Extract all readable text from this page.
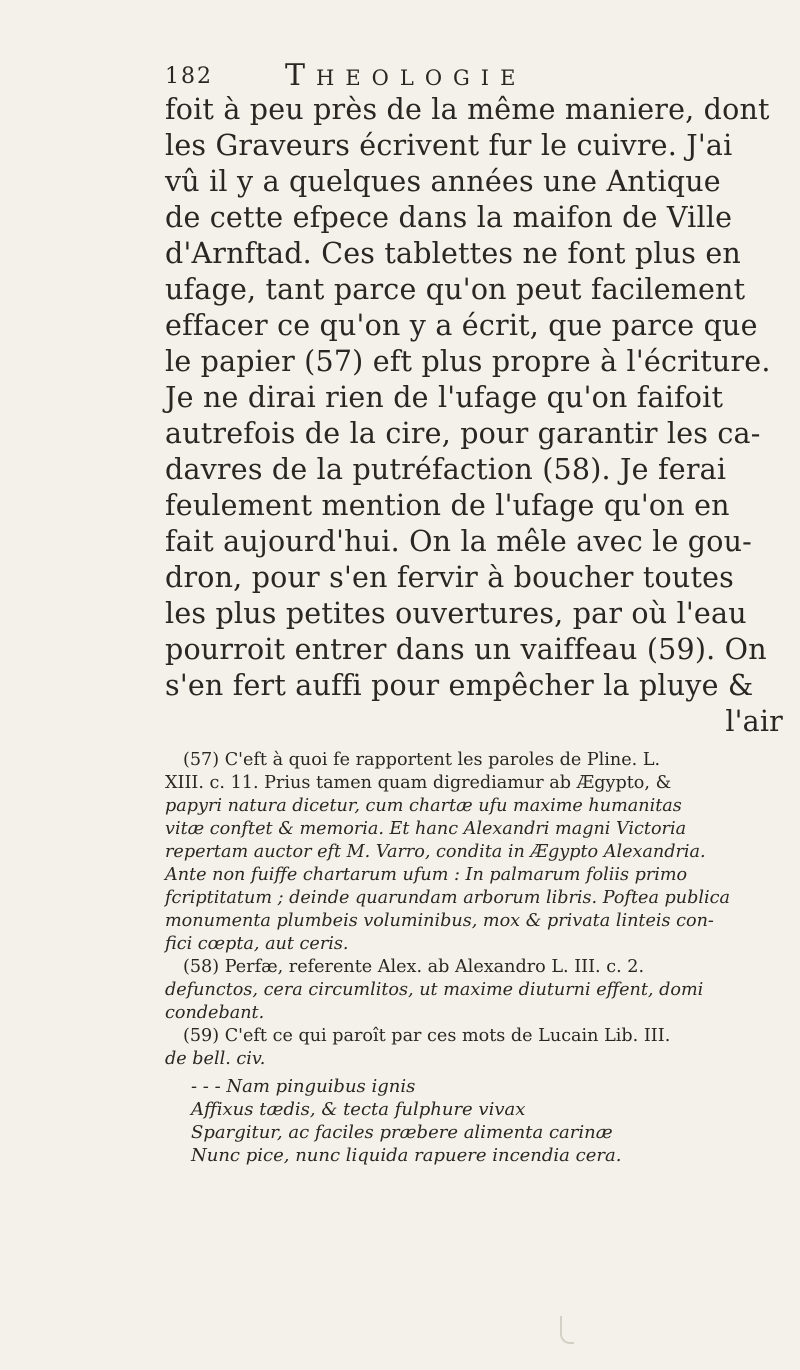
182 Theologie
foit à peu près de la même maniere, dont
les Graveurs écrivent fur le cuivre. J'ai
vû il y a quelques années une Antique
de cette efpece dans la maifon de Ville
d'Arnftad. Ces tablettes ne font plus en
ufage, tant parce qu'on peut facilement
effacer ce qu'on y a écrit, que parce que
le papier (57) eft plus propre à l'écriture.
Je ne dirai rien de l'ufage qu'on faifoit
autrefois de la cire, pour garantir les ca-
davres de la putréfaction (58). Je ferai
feulement mention de l'ufage qu'on en
fait aujourd'hui. On la mêle avec le gou-
dron, pour s'en fervir à boucher toutes
les plus petites ouvertures, par où l'eau
pourroit entrer dans un vaiffeau (59). On
s'en fert auffi pour empêcher la pluye &
l'air
(57) C'eft à quoi fe rapportent les paroles de Pline. L.
XIII. c. 11. Prius tamen quam digrediamur ab Ægypto, &
papyri natura dicetur, cum chartæ ufu maxime humanitas
vitæ conftet & memoria. Et hanc Alexandri magni Victoria
repertam auctor eft M. Varro, condita in Ægypto Alexandria.
Ante non fuiffe chartarum ufum : In palmarum foliis primo
fcriptitatum ; deinde quarundam arborum libris. Poftea publica
monumenta plumbeis voluminibus, mox & privata linteis con-
fici cœpta, aut ceris.
(58) Perfæ, referente Alex. ab Alexandro L. III. c. 2.
defunctos, cera circumlitos, ut maxime diuturni effent, domi
condebant.
(59) C'eft ce qui paroît par ces mots de Lucain Lib. III.
de bell. civ.
- - - Nam pinguibus ignis
Affixus tædis, & tecta fulphure vivax
Spargitur, ac faciles præbere alimenta carinæ
Nunc pice, nunc liquida rapuere incendia cera.
